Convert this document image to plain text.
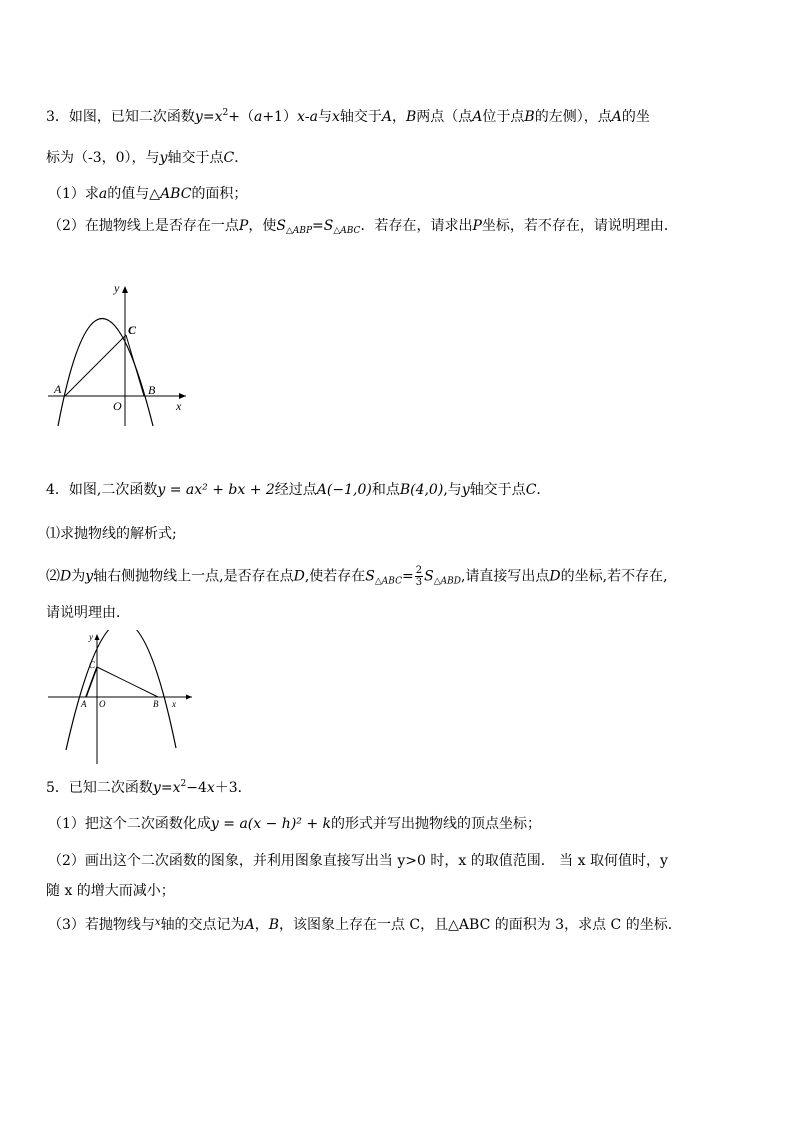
3．如图，已知二次函数$y=x^2+(a+1)x-a$与x轴交于A，B两点（点A位于点B的左侧），点A的坐
标为（-3，0），与y轴交于点C．
（1）求a的值与△ABC的面积；
（2）在抛物线上是否存在一点P，使$S_{\triangle ABP}=S_{\triangle ABC}$．若存在，请求出P坐标，若不存在，请说明理由．
y
C
A	B
O	x
4．如图,二次函数y = ax² + bx + 2经过点A(−1,0)和点B(4,0),与y轴交于点C．
⑴求抛物线的解析式;
⑵D为y轴右侧抛物线上一点,是否存在点D,使若存在$S_{\triangle ABC}= \frac{2}{3} S_{\triangle ABD}$,请直接写出点D的坐标,若不存在,
请说明理由．
y
C
A O	B x
5．已知二次函数$y=x^2-4x+3$．
（1）把这个二次函数化成y = a(x − h)² + k的形式并写出抛物线的顶点坐标；
（2）画出这个二次函数的图象，并利用图象直接写出当 y>0 时，x 的取值范围． 当 x 取何值时，y
随 x 的增大而减小；
（3）若抛物线与$^x$轴的交点记为A，B，该图象上存在一点 C，且△ABC 的面积为 3，求点 C 的坐标．
